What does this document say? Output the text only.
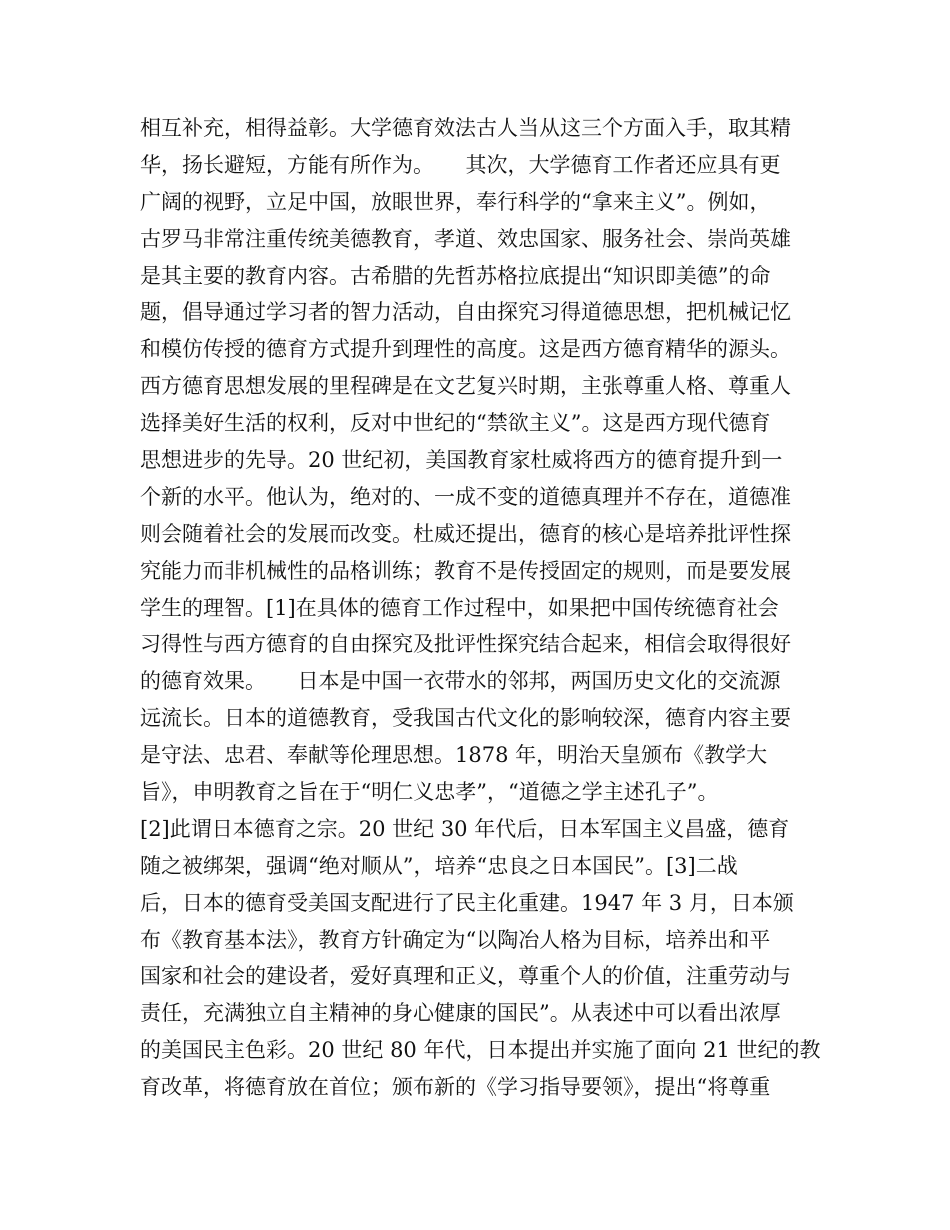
相互补充，相得益彰。大学德育效法古人当从这三个方面入手，取其精
华，扬长避短，方能有所作为。　　其次，大学德育工作者还应具有更
广阔的视野，立足中国，放眼世界，奉行科学的“拿来主义”。例如，
古罗马非常注重传统美德教育，孝道、效忠国家、服务社会、崇尚英雄
是其主要的教育内容。古希腊的先哲苏格拉底提出“知识即美德”的命
题，倡导通过学习者的智力活动，自由探究习得道德思想，把机械记忆
和模仿传授的德育方式提升到理性的高度。这是西方德育精华的源头。
西方德育思想发展的里程碑是在文艺复兴时期，主张尊重人格、尊重人
选择美好生活的权利，反对中世纪的“禁欲主义”。这是西方现代德育
思想进步的先导。20 世纪初，美国教育家杜威将西方的德育提升到一
个新的水平。他认为，绝对的、一成不变的道德真理并不存在，道德准
则会随着社会的发展而改变。杜威还提出，德育的核心是培养批评性探
究能力而非机械性的品格训练；教育不是传授固定的规则，而是要发展
学生的理智。[1]在具体的德育工作过程中，如果把中国传统德育社会
习得性与西方德育的自由探究及批评性探究结合起来，相信会取得很好
的德育效果。　　日本是中国一衣带水的邻邦，两国历史文化的交流源
远流长。日本的道德教育，受我国古代文化的影响较深，德育内容主要
是守法、忠君、奉献等伦理思想。1878 年，明治天皇颁布《教学大
旨》，申明教育之旨在于“明仁义忠孝”，“道德之学主述孔子”。
[2]此谓日本德育之宗。20 世纪 30 年代后，日本军国主义昌盛，德育
随之被绑架，强调“绝对顺从”，培养“忠良之日本国民”。[3]二战
后，日本的德育受美国支配进行了民主化重建。1947 年 3 月，日本颁
布《教育基本法》，教育方针确定为“以陶冶人格为目标，培养出和平
国家和社会的建设者，爱好真理和正义，尊重个人的价值，注重劳动与
责任，充满独立自主精神的身心健康的国民”。从表述中可以看出浓厚
的美国民主色彩。20 世纪 80 年代，日本提出并实施了面向 21 世纪的教
育改革，将德育放在首位；颁布新的《学习指导要领》，提出“将尊重
